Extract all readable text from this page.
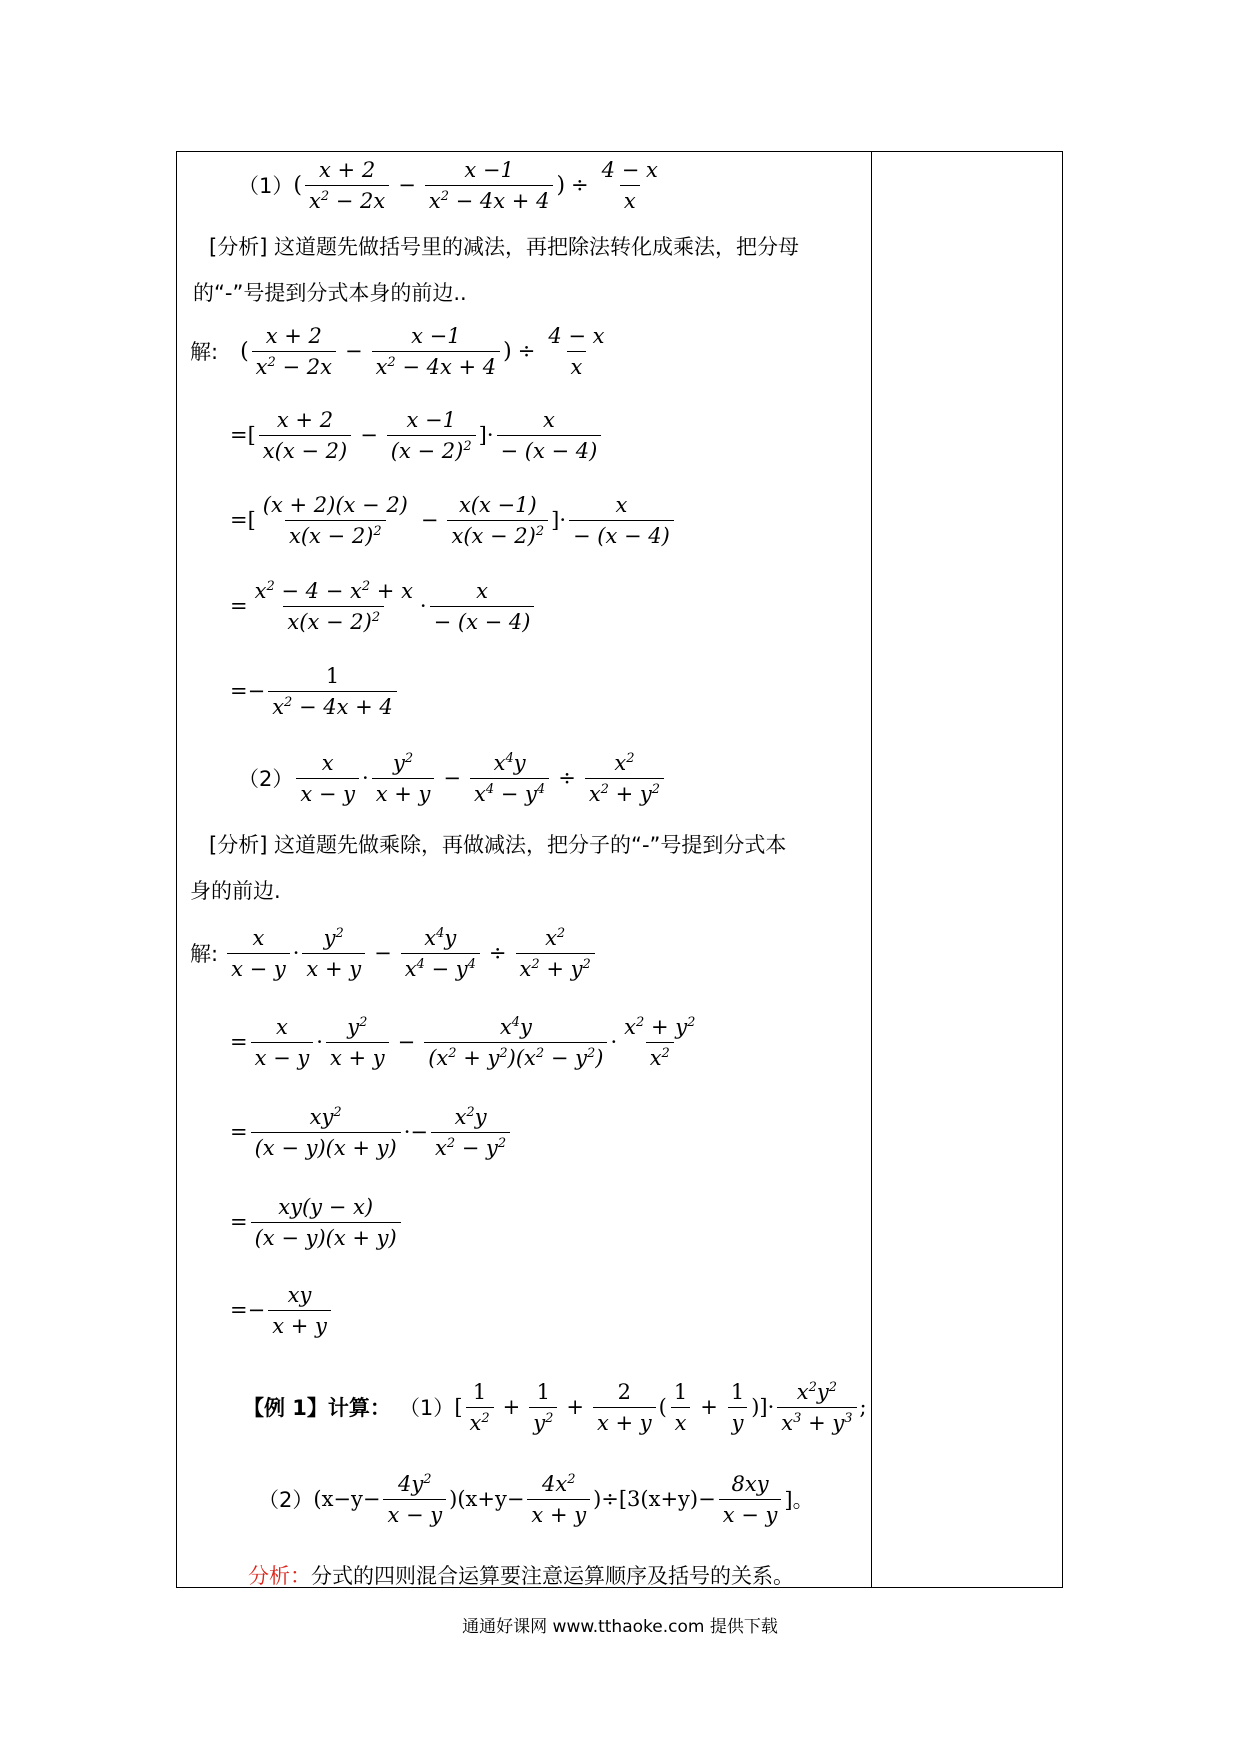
（1） ( $\frac{x + 2}{x^2 - 2x} - \frac{x -1}{x^2 - 4x + 4}$ ) ÷ $\frac{4 - x}{x}$
[分析] 这道题先做括号里的减法，再把除法转化成乘法，把分母
的“-”号提到分式本身的前边..
解: ( $\frac{x + 2}{x^2 - 2x} - \frac{x -1}{x^2 - 4x + 4}$ ) ÷ $\frac{4 - x}{x}$
=[ $\frac{x + 2}{x(x - 2)} - \frac{x -1}{(x - 2)^2}$ ]· $\frac{x}{- (x - 4)}$
=[ $\frac{(x + 2)(x - 2)}{x(x - 2)^2} - \frac{x(x -1)}{x(x - 2)^2}$ ]· $\frac{x}{- (x - 4)}$
= $\frac{x^2 - 4 - x^2 + x}{x(x - 2)^2} \cdot \frac{x}{- (x - 4)}$
=− $\frac{1}{x^2 - 4x + 4}$
$(2) \frac{x}{x - y} \cdot \frac{y^2}{x + y} - \frac{x^4y}{x^4 - y^4} \div \frac{x^2}{x^2 + y^2}$
[分析] 这道题先做乘除，再做减法，把分子的“-”号提到分式本
身的前边.
解: $\frac{x}{x - y} \cdot \frac{y^2}{x + y} - \frac{x^4y}{x^4 - y^4} \div \frac{x^2}{x^2 + y^2}$
= $\frac{x}{x - y} \cdot \frac{y^2}{x + y} - \frac{x^4y}{(x^2 + y^2)(x^2 - y^2)} \cdot \frac{x^2 + y^2}{x^2}$
= $\frac{xy^2}{(x - y)(x + y)} \cdot- \frac{x^2y}{x^2 - y^2}$
= $\frac{xy(y - x)}{(x - y)(x + y)}$
=− $\frac{xy}{x + y}$
【例 1】计算： （1） [ $\frac{1}{x^2} + \frac{1}{y^2} + \frac{2}{x + y}$ ( $\frac{1}{x} + \frac{1}{y}$ )]· $\frac{x^2y^2}{x^3 + y^3}$ ;
（2） $(x-y- \frac{4y^2}{x - y} )(x+y- \frac{4x^2}{x + y} )\div[3(x+y)- \frac{8xy}{x - y}$ ]。
分析： 分式的四则混合运算要注意运算顺序及括号的关系。
通通好课网 www.tthaoke.com 提供下载
